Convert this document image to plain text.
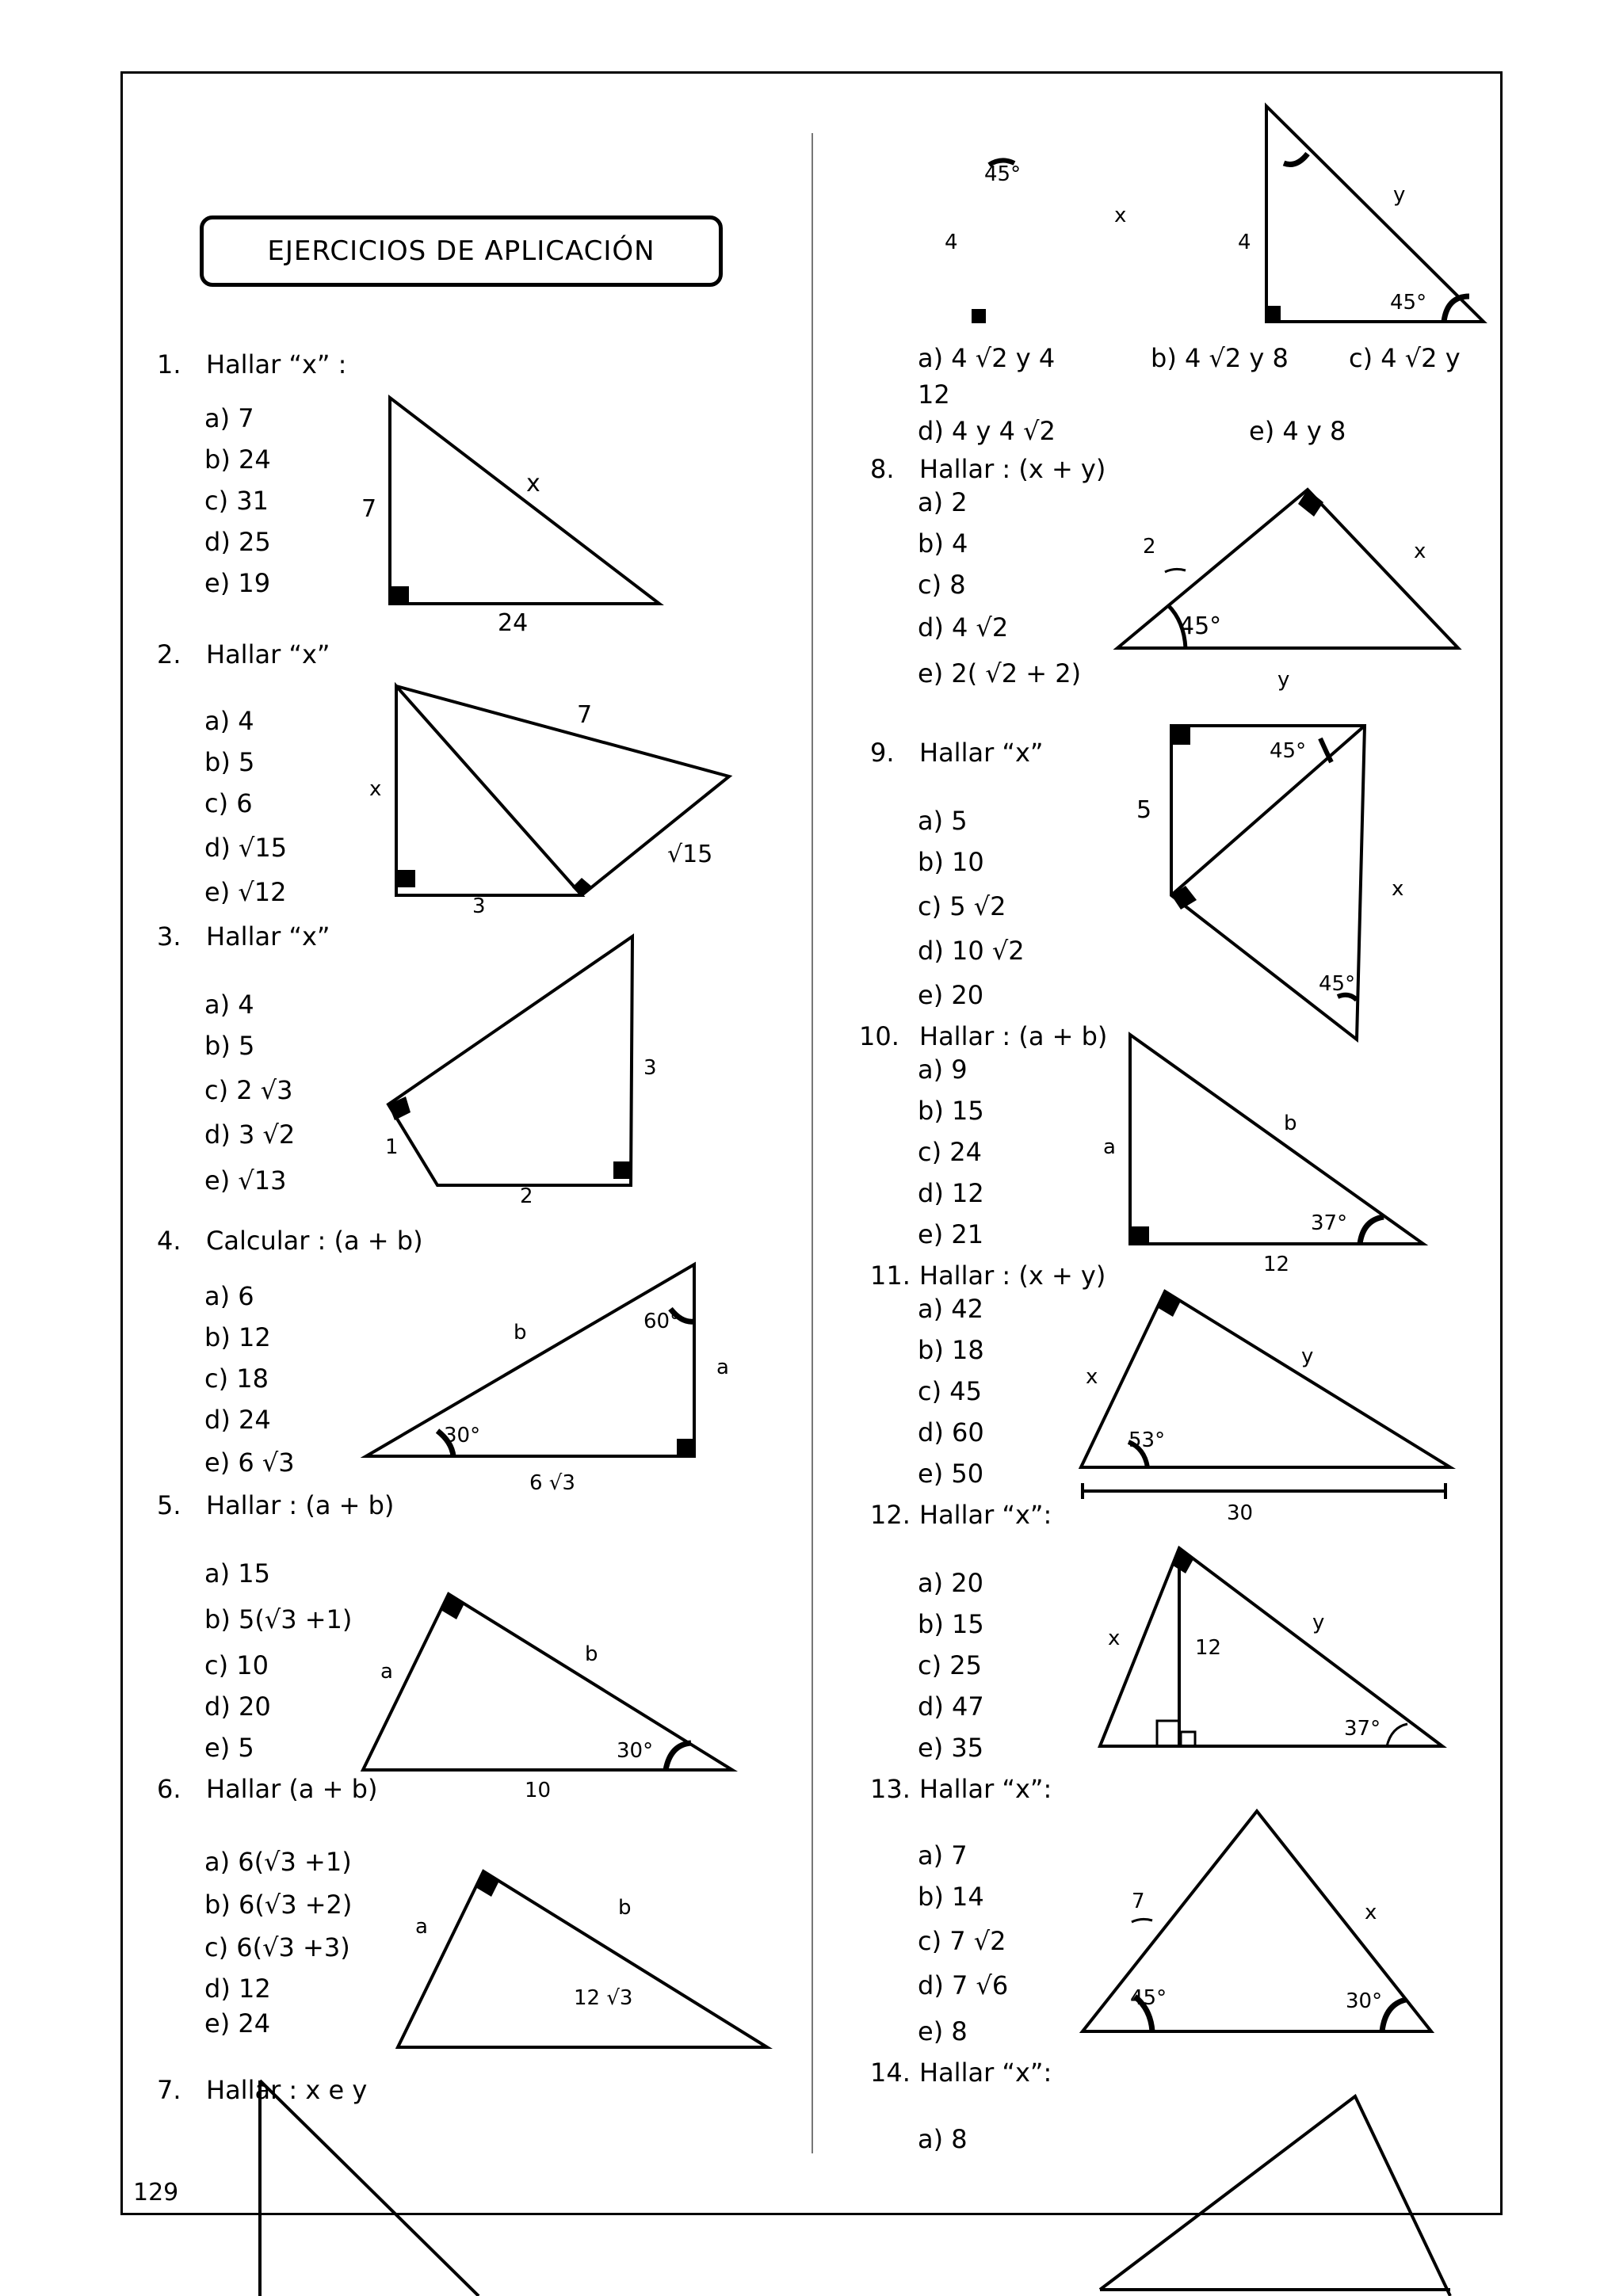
EJERCICIOS DE APLICACIÓN
1. Hallar “x” :
a) 7
b) 24
c) 31
d) 25
e) 19
2. Hallar “x”
a) 4
b) 5
c) 6
d) √15
e) √12
3. Hallar “x”
a) 4
b) 5
c) 2 √3
d) 3 √2
e) √13
4. Calcular : (a + b)
a) 6
b) 12
c) 18
d) 24
e) 6 √3
5. Hallar : (a + b)
a) 15
b) 5(√3 +1)
c) 10
d) 20
e) 5
6. Hallar (a + b)
a) 6(√3 +1)
b) 6(√3 +2)
c) 6(√3 +3)
d) 12
e) 24
7. Hallar : x e y
129
a) 4 √2 y 4	b) 4 √2 y 8 c) 4 √2 y
12
d) 4 y 4 √2	e) 4 y 8
8. Hallar : (x + y)
a) 2
b) 4
c) 8
d) 4 √2
e) 2( √2 + 2)
9. Hallar “x”
a) 5
b) 10
c) 5 √2
d) 10 √2
e) 20
10. Hallar : (a + b)
a) 9
b) 15
c) 24
d) 12
e) 21
11. Hallar : (x + y)
a) 42
b) 18
c) 45
d) 60
e) 50
12. Hallar “x”:
a) 20
b) 15
c) 25
d) 47
e) 35
13. Hallar “x”:
a) 7
b) 14
c) 7 √2
d) 7 √6
e) 8
14. Hallar “x”:
a) 8
x
7
24
7
x
√15
3
3
1
2
b
a
60°
30°
6 √3
a
b
30°
10
a
b
12 √3
45°
4
x
4
y
45°
2	x
45°
y
5
45°
x
45°
a
b
37°
12
x
y
53°
30
x	12
y
37°
7	x
45°	30°
